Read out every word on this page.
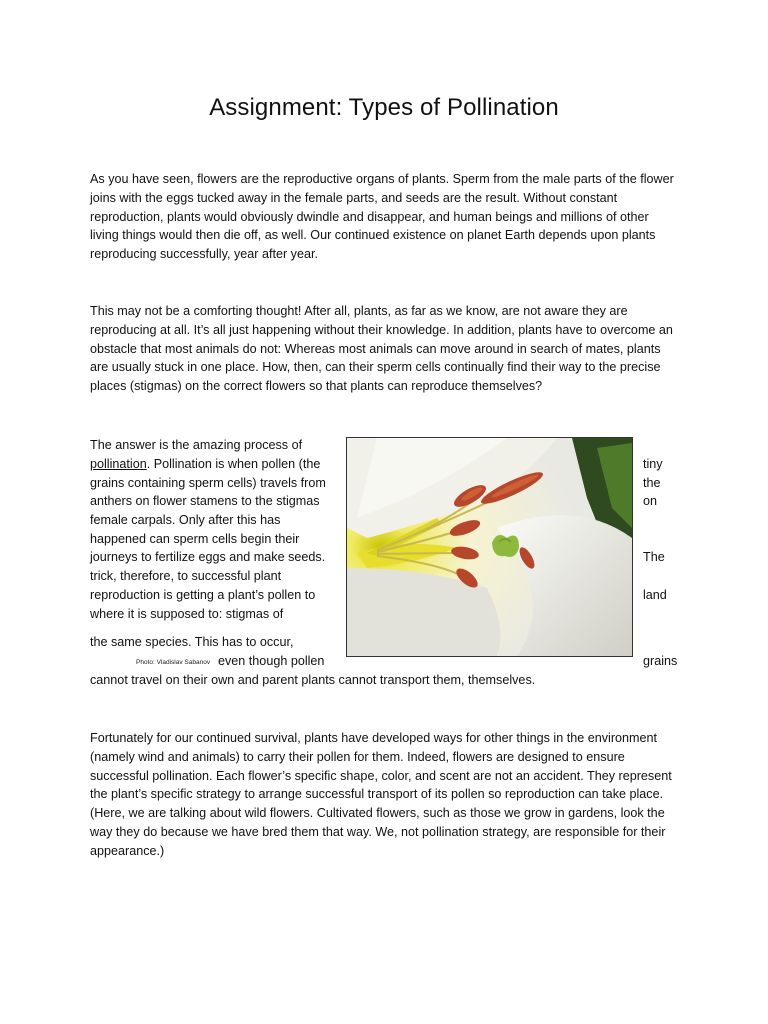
Assignment: Types of Pollination

As you have seen, flowers are the reproductive organs of plants. Sperm from the male parts of the flower joins with the eggs tucked away in the female parts, and seeds are the result. Without constant reproduction, plants would obviously dwindle and disappear, and human beings and millions of other living things would then die off, as well. Our continued existence on planet Earth depends upon plants reproducing successfully, year after year.

This may not be a comforting thought! After all, plants, as far as we know, are not aware they are reproducing at all. It’s all just happening without their knowledge. In addition, plants have to overcome an obstacle that most animals do not: Whereas most animals can move around in search of mates, plants are usually stuck in one place. How, then, can their sperm cells continually find their way to the precise places (stigmas) on the correct flowers so that plants can reproduce themselves?

The answer is the amazing process of
pollination. Pollination is when pollen (the
grains containing sperm cells) travels from
anthers on flower stamens to the stigmas
female carpals. Only after this has
happened can sperm cells begin their
journeys to fertilize eggs and make seeds.
trick, therefore, to successful plant
reproduction is getting a plant’s pollen to
where it is supposed to: stigmas of
the same species. This has to occur,
even though pollen
cannot travel on their own and parent plants cannot transport them, themselves.
tiny
the
on
The
land
grains
Photo: Vladislav Sabanov

Fortunately for our continued survival, plants have developed ways for other things in the environment (namely wind and animals) to carry their pollen for them. Indeed, flowers are designed to ensure successful pollination. Each flower’s specific shape, color, and scent are not an accident. They represent the plant’s specific strategy to arrange successful transport of its pollen so reproduction can take place. (Here, we are talking about wild flowers. Cultivated flowers, such as those we grow in gardens, look the way they do because we have bred them that way. We, not pollination strategy, are responsible for their appearance.)
